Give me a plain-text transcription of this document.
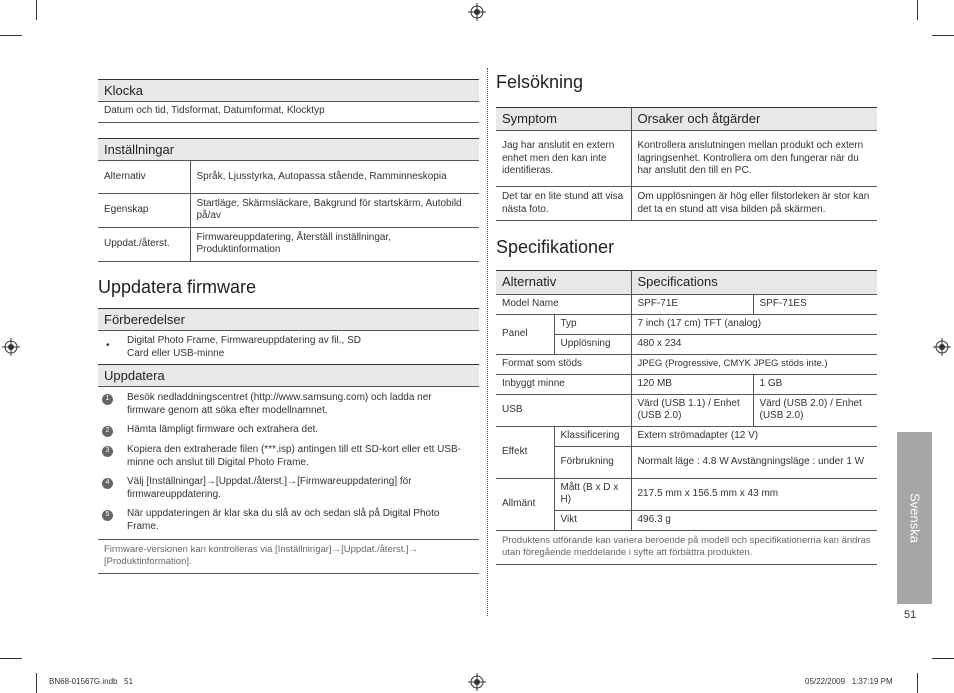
Klocka
Datum och tid, Tidsformat, Datumformat, Klocktyp
Inställningar
Alternativ	Språk, Ljusstyrka, Autopassa stående, Ramminneskopia
Egenskap	Startläge, Skärmsläckare, Bakgrund för startskärm, Autobild på/av
Uppdat./återst.	Firmwareuppdatering, Återställ inställningar, Produktinformation
Uppdatera firmware
Förberedelser
•	Digital Photo Frame, Firmwareuppdatering av fil., SD Card eller USB-minne
Uppdatera
1	Besök nedladdningscentret (http://www.samsung.com) och ladda ner firmware genom att söka efter modellnamnet.
2	Hämta lämpligt firmware och extrahera det.
3	Kopiera den extraherade filen (***.isp) antingen till ett SD-kort eller ett USB-minne och anslut till Digital Photo Frame.
4	Välj [Inställningar]→[Uppdat./återst.]→[Firmwareuppdatering] för firmwareuppdatering.
5	När uppdateringen är klar ska du slå av och sedan slå på Digital Photo Frame.
Firmware-versionen kan kontrolleras via [Inställningar]→[Uppdat./återst.]→ [Produktinformation].
Felsökning
Symptom	Orsaker och åtgärder
Jag har anslutit en extern enhet men den kan inte identifieras.	Kontrollera anslutningen mellan produkt och extern lagringsenhet. Kontrollera om den fungerar när du har anslutit den till en PC.
Det tar en lite stund att visa nästa foto.	Om upplösningen är hög eller filstorleken är stor kan det ta en stund att visa bilden på skärmen.
Specifikationer
Alternativ		Specifications	
Model Name		SPF-71E	SPF-71ES
Panel	Typ	7 inch (17 cm) TFT (analog)	
	Upplösning	480 x 234	
Format som stöds		JPEG (Progressive, CMYK JPEG stöds inte.)	
Inbyggt minne		120 MB	1 GB
USB		Värd (USB 1.1) / Enhet (USB 2.0)	Värd (USB 2.0) / Enhet (USB 2.0)
Effekt	Klassificering	Extern strömadapter (12 V)	
	Förbrukning	Normalt läge : 4.8 W Avstängningsläge : under 1 W	
Allmänt	Mått (B x D x H)	217.5 mm x 156.5 mm x 43 mm	
	Vikt	496.3 g	
Produktens utförande kan variera beroende på modell och specifikationerna kan ändras utan föregående meddelande i syfte att förbättra produkten.
Svenska
51
BN68-01567G.indb   51	05/22/2009   1:37:19 PM
